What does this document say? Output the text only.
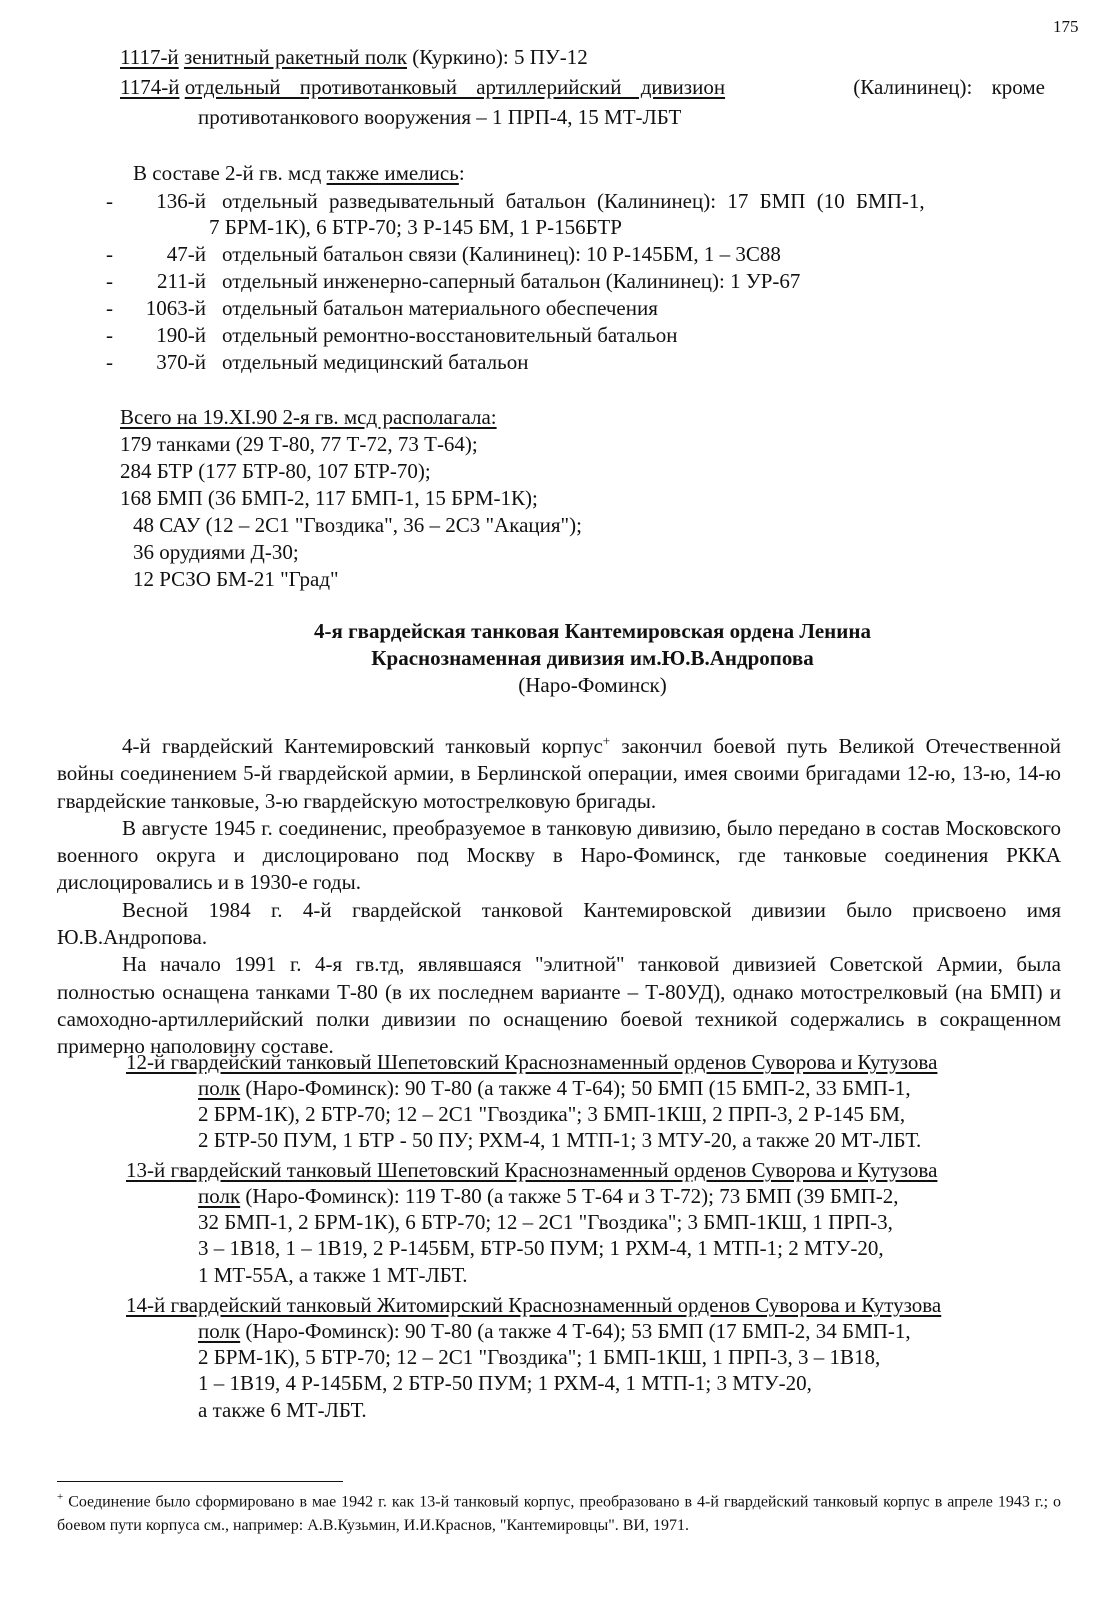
175
1117-й зенитный ракетный полк (Куркино): 5 ПУ-12
1174-й отдельный противотанковый артиллерийский дивизион	(Калининец): кроме
противотанкового вооружения – 1 ПРП-4, 15 МТ-ЛБТ
В составе 2-й гв. мсд также имелись:
-	136-й отдельный разведывательный батальон (Калининец): 17 БМП (10 БМП-1,
7 БРМ-1К), 6 БТР-70; 3 Р-145 БМ, 1 Р-156БТР
-	47-й отдельный батальон связи (Калининец): 10 Р-145БМ, 1 – 3С88
-	211-й отдельный инженерно-саперный батальон (Калининец): 1 УР-67
-	1063-й отдельный батальон материального обеспечения
-	190-й отдельный ремонтно-восстановительный батальон
-	370-й отдельный медицинский батальон
Всего на 19.XI.90 2-я гв. мсд располагала:
179 танками (29 Т-80, 77 Т-72, 73 Т-64);
284 БТР (177 БТР-80, 107 БТР-70);
168 БМП (36 БМП-2, 117 БМП-1, 15 БРМ-1К);
48 САУ (12 – 2С1 "Гвоздика", 36 – 2С3 "Акация");
36 орудиями Д-30;
12 РСЗО БМ-21 "Град"
4-я гвардейская танковая Кантемировская ордена Ленина
Краснознаменная дивизия им.Ю.В.Андропова
(Наро-Фоминск)

4-й гвардейский Кантемировский танковый корпус+ закончил боевой путь Великой Отечественной войны соединением 5-й гвардейской армии, в Берлинской операции, имея своими бригадами 12-ю, 13-ю, 14-ю гвардейские танковые, 3-ю гвардейскую мотострелковую бригады.

В августе 1945 г. соединенис, преобразуемое в танковую дивизию, было передано в состав Московского военного округа и дислоцировано под Москву в Наро-Фоминск, где танковые соединения РККА дислоцировались и в 1930-е годы.

Весной 1984 г. 4-й гвардейской танковой Кантемировской дивизии было присвоено имя Ю.В.Андропова.

На начало 1991 г. 4-я гв.тд, являвшаяся "элитной" танковой дивизией Советской Армии, была полностью оснащена танками Т-80 (в их последнем варианте – Т-80УД), однако мотострелковый (на БМП) и самоходно-артиллерийский полки дивизии по оснащению боевой техникой содержались в сокращенном примерно наполовину составе.

12-й гвардейский танковый Шепетовский Краснознаменный орденов Суворова и Кутузова
полк (Наро-Фоминск): 90 Т-80 (а также 4 Т-64); 50 БМП (15 БМП-2, 33 БМП-1,
2 БРМ-1К), 2 БТР-70; 12 – 2С1 "Гвоздика"; 3 БМП-1КШ, 2 ПРП-3, 2 Р-145 БМ,
2 БТР-50 ПУМ, 1 БТР - 50 ПУ; РХМ-4, 1 МТП-1; 3 МТУ-20, а также 20 МТ-ЛБТ.
13-й гвардейский танковый Шепетовский Краснознаменный орденов Суворова и Кутузова
полк (Наро-Фоминск): 119 Т-80 (а также 5 Т-64 и 3 Т-72); 73 БМП (39 БМП-2,
32 БМП-1, 2 БРМ-1К), 6 БТР-70; 12 – 2С1 "Гвоздика"; 3 БМП-1КШ, 1 ПРП-3,
3 – 1В18, 1 – 1В19, 2 Р-145БМ, БТР-50 ПУМ; 1 РХМ-4, 1 МТП-1; 2 МТУ-20,
1 МТ-55А, а также 1 МТ-ЛБТ.
14-й гвардейский танковый Житомирский Краснознаменный орденов Суворова и Кутузова
полк (Наро-Фоминск): 90 Т-80 (а также 4 Т-64); 53 БМП (17 БМП-2, 34 БМП-1,
2 БРМ-1К), 5 БТР-70; 12 – 2С1 "Гвоздика"; 1 БМП-1КШ, 1 ПРП-3, 3 – 1В18,
1 – 1В19, 4 Р-145БМ, 2 БТР-50 ПУМ; 1 РХМ-4, 1 МТП-1; 3 МТУ-20,
а также 6 МТ-ЛБТ.
+ Соединение было сформировано в мае 1942 г. как 13-й танковый корпус, преобразовано в 4-й гвардейский танковый корпус в апреле 1943 г.; о боевом пути корпуса см., например: А.В.Кузьмин, И.И.Краснов, "Кантемировцы". ВИ, 1971.
